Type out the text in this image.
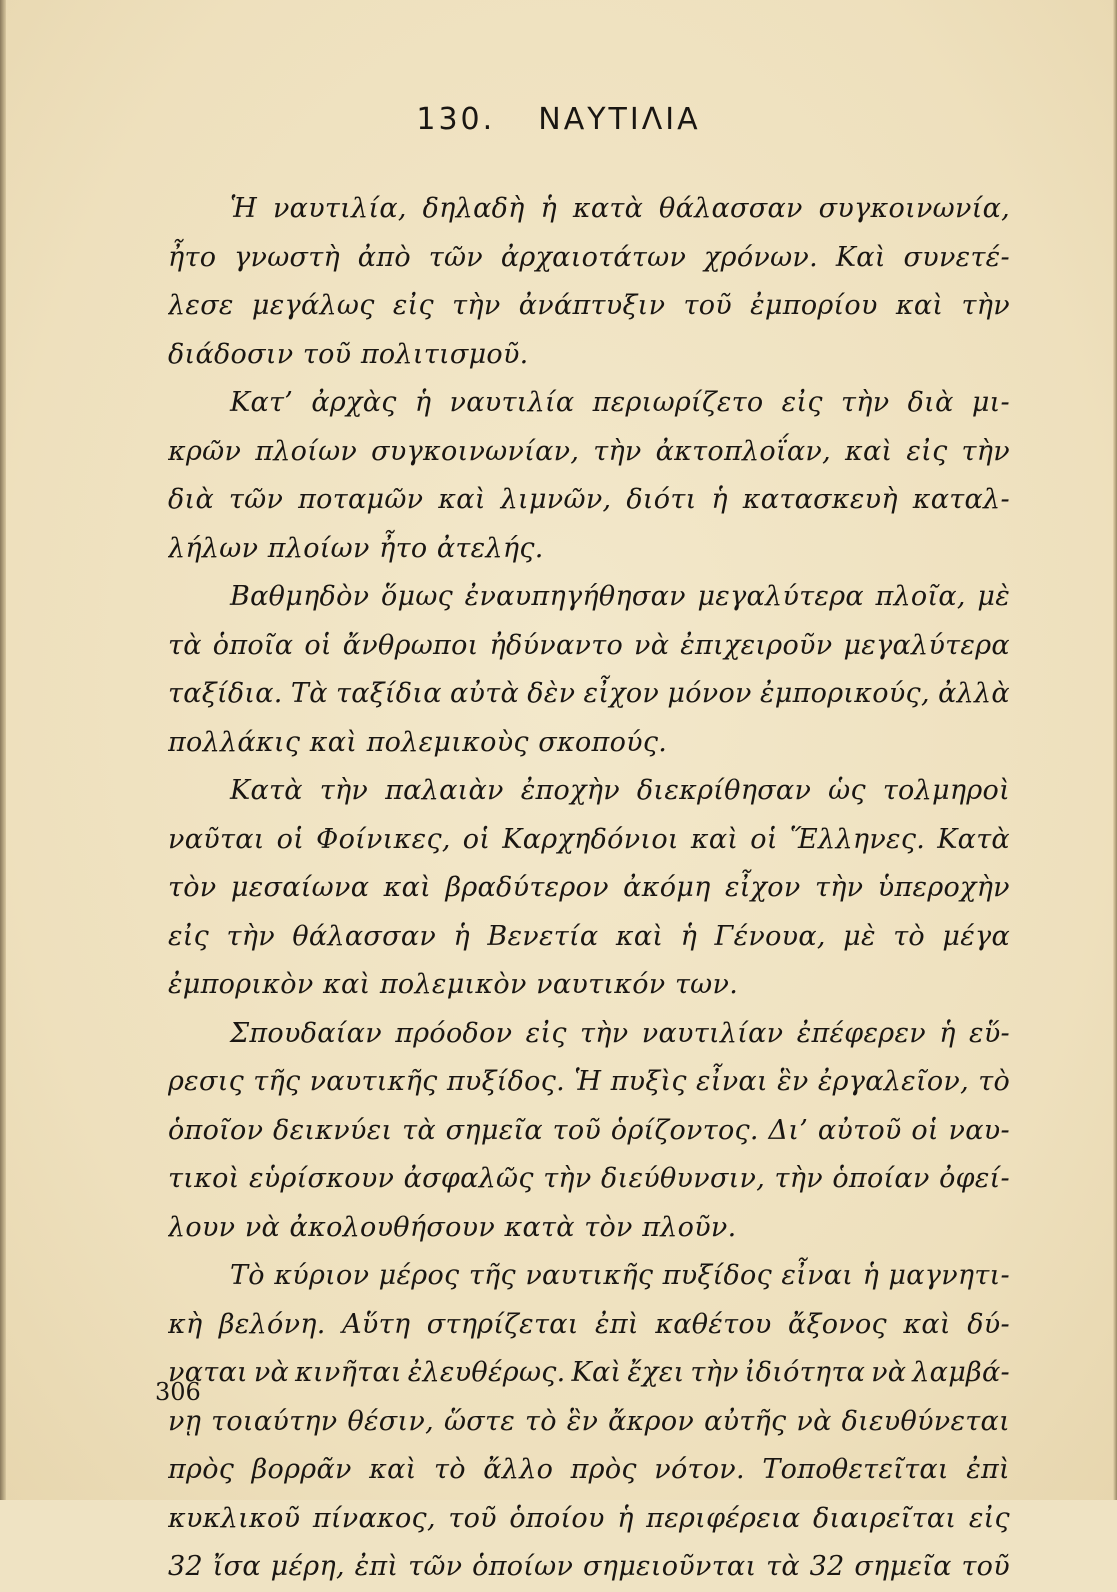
130. ΝΑΥΤΙΛΙΑ
Ἡ ναυτιλία, δηλαδὴ ἡ κατὰ θάλασσαν συγκοινωνία,
ἦτο γνωστὴ ἀπὸ τῶν ἀρχαιοτάτων χρόνων. Καὶ συνετέ-
λεσε μεγάλως εἰς τὴν ἀνάπτυξιν τοῦ ἐμπορίου καὶ τὴν
διάδοσιν τοῦ πολιτισμοῦ.
Κατ’ ἀρχὰς ἡ ναυτιλία περιωρίζετο εἰς τὴν διὰ μι-
κρῶν πλοίων συγκοινωνίαν, τὴν ἀκτοπλοΐαν, καὶ εἰς τὴν
διὰ τῶν ποταμῶν καὶ λιμνῶν, διότι ἡ κατασκευὴ καταλ-
λήλων πλοίων ἦτο ἀτελής.
Βαθμηδὸν ὅμως ἐναυπηγήθησαν μεγαλύτερα πλοῖα, μὲ
τὰ ὁποῖα οἱ ἄνθρωποι ἠδύναντο νὰ ἐπιχειροῦν μεγαλύτερα
ταξίδια. Τὰ ταξίδια αὐτὰ δὲν εἶχον μόνον ἐμπορικούς, ἀλλὰ
πολλάκις καὶ πολεμικοὺς σκοπούς.
Κατὰ τὴν παλαιὰν ἐποχὴν διεκρίθησαν ὡς τολμηροὶ
ναῦται οἱ Φοίνικες, οἱ Καρχηδόνιοι καὶ οἱ Ἕλληνες. Κατὰ
τὸν μεσαίωνα καὶ βραδύτερον ἀκόμη εἶχον τὴν ὑπεροχὴν
εἰς τὴν θάλασσαν ἡ Βενετία καὶ ἡ Γένουα, μὲ τὸ μέγα
ἐμπορικὸν καὶ πολεμικὸν ναυτικόν των.
Σπουδαίαν πρόοδον εἰς τὴν ναυτιλίαν ἐπέφερεν ἡ εὕ-
ρεσις τῆς ναυτικῆς πυξίδος. Ἡ πυξὶς εἶναι ἓν ἐργαλεῖον, τὸ
ὁποῖον δεικνύει τὰ σημεῖα τοῦ ὁρίζοντος. Δι’ αὐτοῦ οἱ ναυ-
τικοὶ εὑρίσκουν ἀσφαλῶς τὴν διεύθυνσιν, τὴν ὁποίαν ὀφεί-
λουν νὰ ἀκολουθήσουν κατὰ τὸν πλοῦν.
Τὸ κύριον μέρος τῆς ναυτικῆς πυξίδος εἶναι ἡ μαγνητι-
κὴ βελόνη. Αὕτη στηρίζεται ἐπὶ καθέτου ἄξονος καὶ δύ-
ναται νὰ κινῆται ἐλευθέρως. Καὶ ἔχει τὴν ἰδιότητα νὰ λαμβά-
νῃ τοιαύτην θέσιν, ὥστε τὸ ἓν ἄκρον αὐτῆς νὰ διευθύνεται
πρὸς βορρᾶν καὶ τὸ ἄλλο πρὸς νότον. Τοποθετεῖται ἐπὶ
κυκλικοῦ πίνακος, τοῦ ὁποίου ἡ περιφέρεια διαιρεῖται εἰς
32 ἴσα μέρη, ἐπὶ τῶν ὁποίων σημειοῦνται τὰ 32 σημεῖα τοῦ
306
